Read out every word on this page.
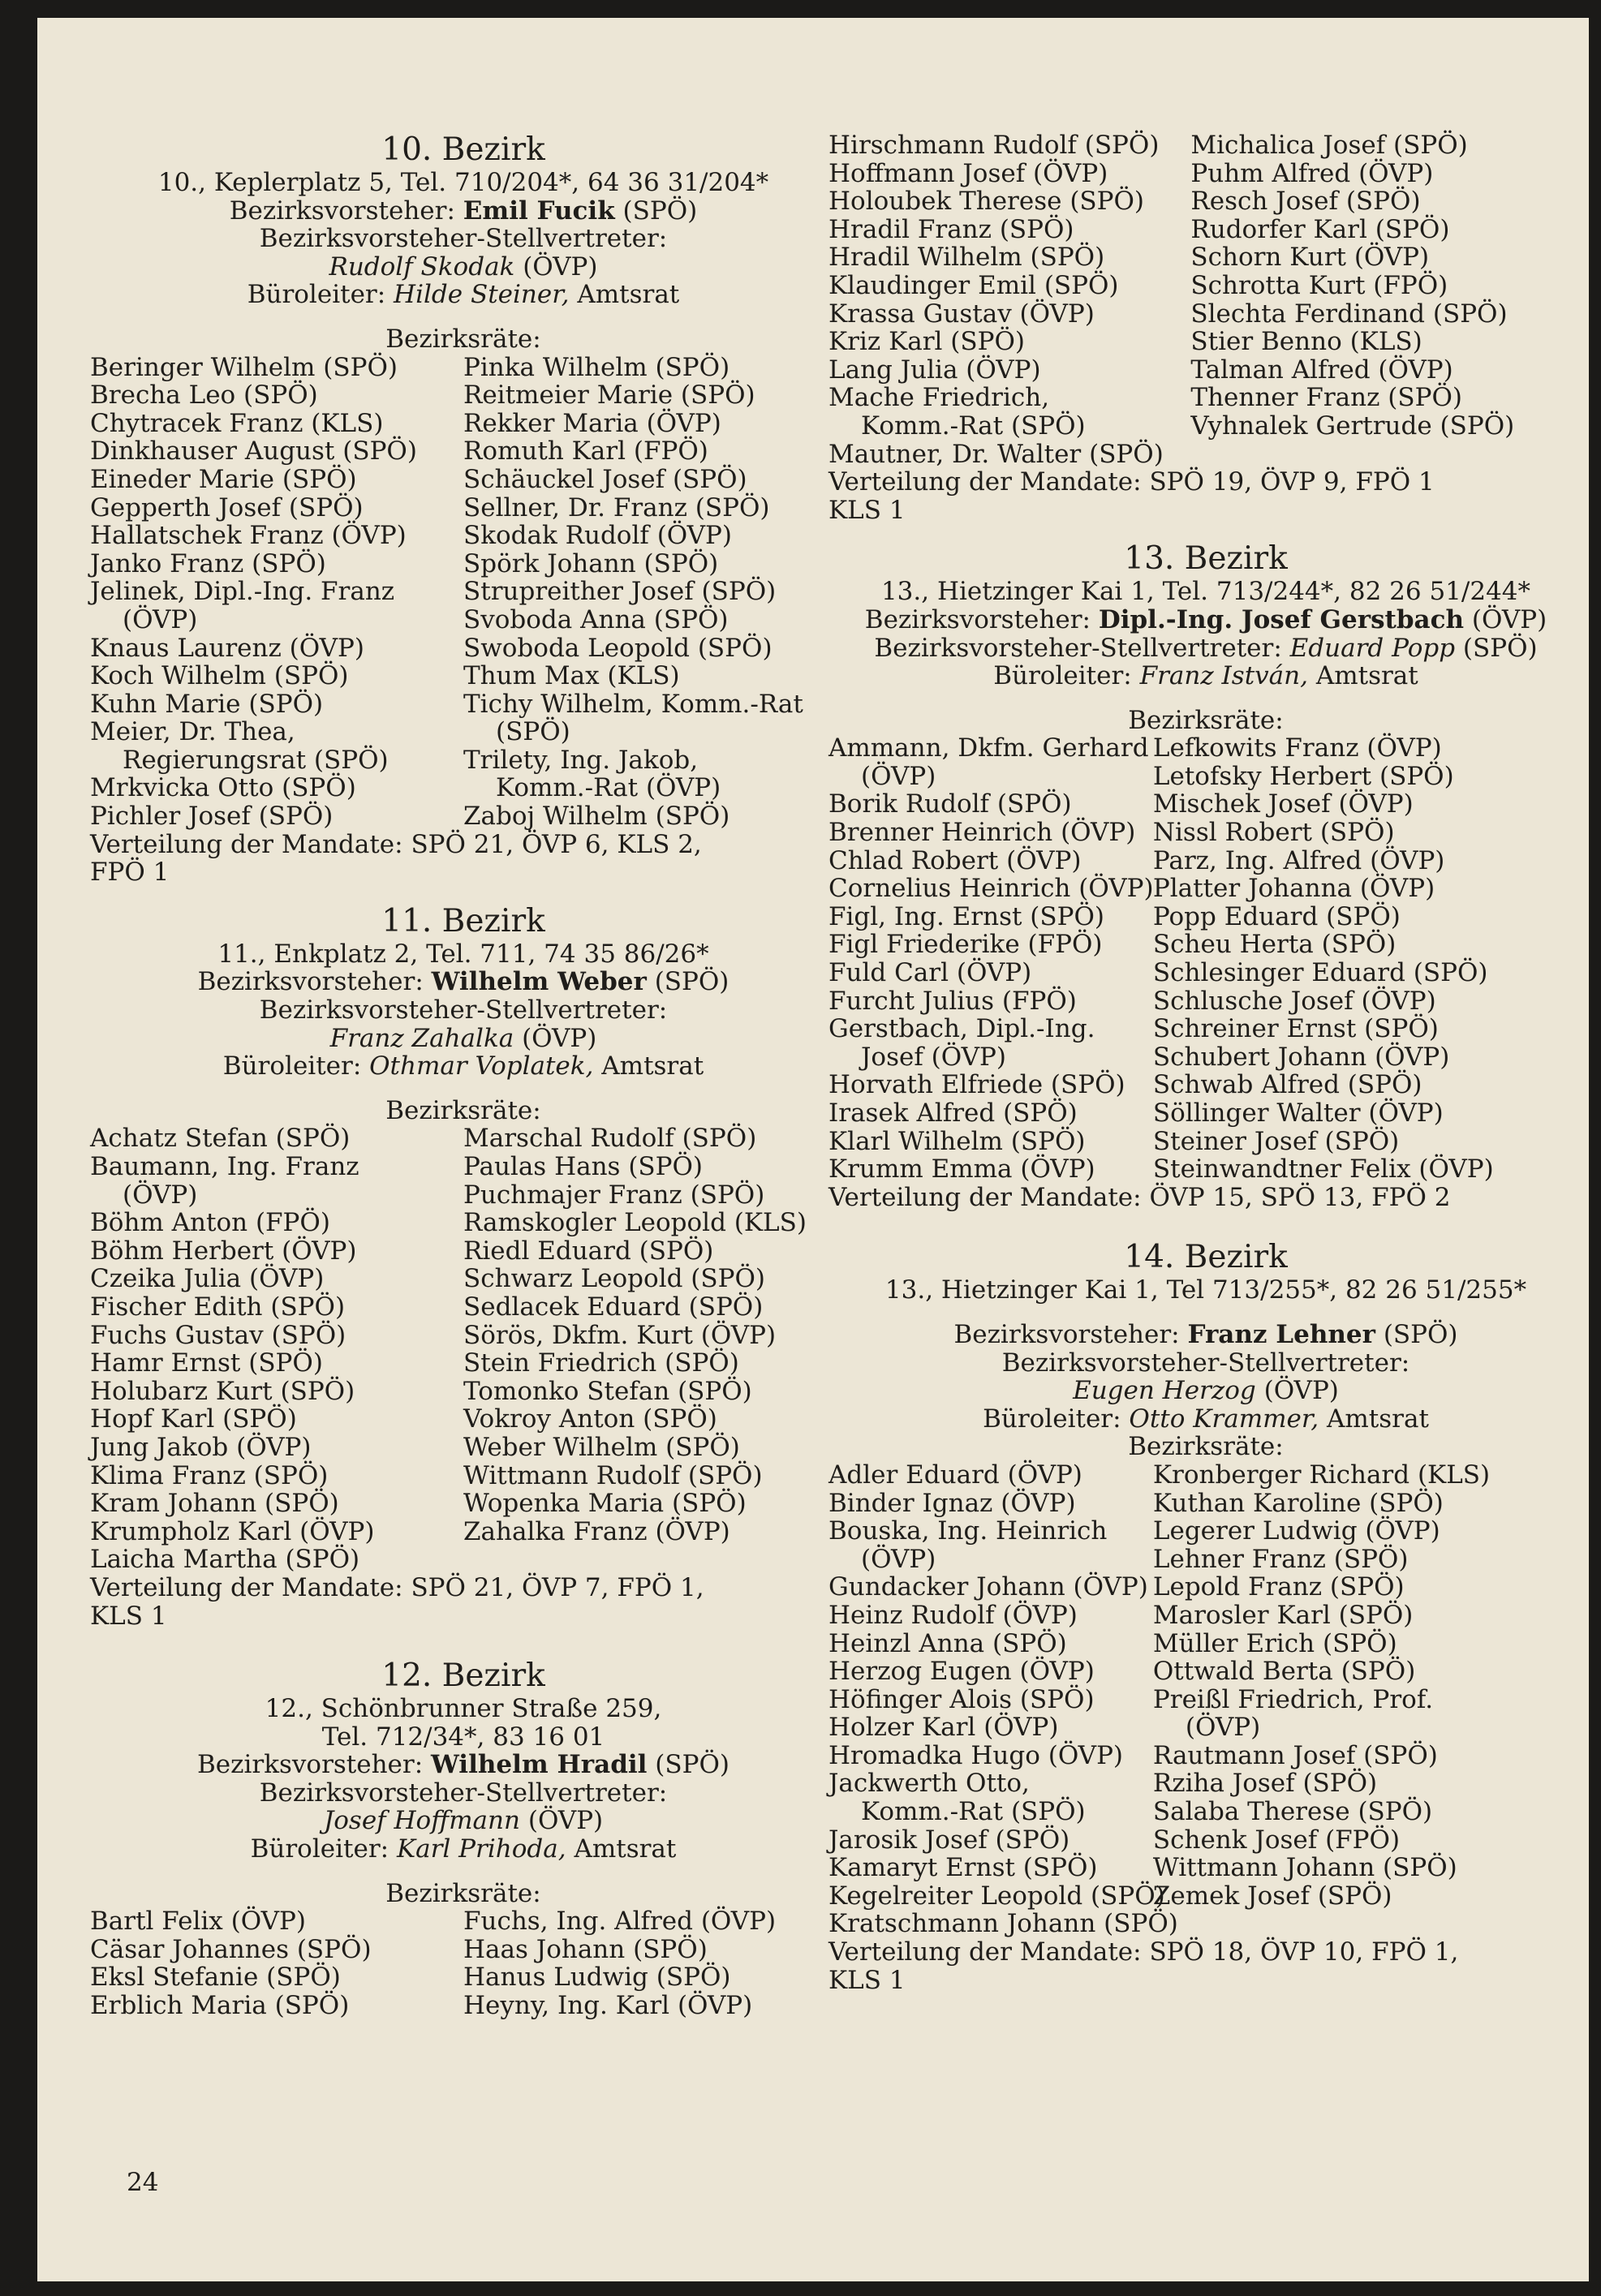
10. Bezirk
10., Keplerplatz 5, Tel. 710/204*, 64 36 31/204*
Bezirksvorsteher: Emil Fucik (SPÖ)
Bezirksvorsteher-Stellvertreter:
Rudolf Skodak (ÖVP)
Büroleiter: Hilde Steiner, Amtsrat
Bezirksräte:
Beringer Wilhelm (SPÖ)
Brecha Leo (SPÖ)
Chytracek Franz (KLS)
Dinkhauser August (SPÖ)
Eineder Marie (SPÖ)
Gepperth Josef (SPÖ)
Hallatschek Franz (ÖVP)
Janko Franz (SPÖ)
Jelinek, Dipl.-Ing. Franz
(ÖVP)
Knaus Laurenz (ÖVP)
Koch Wilhelm (SPÖ)
Kuhn Marie (SPÖ)
Meier, Dr. Thea,
Regierungsrat (SPÖ)
Mrkvicka Otto (SPÖ)
Pichler Josef (SPÖ)
Pinka Wilhelm (SPÖ)
Reitmeier Marie (SPÖ)
Rekker Maria (ÖVP)
Romuth Karl (FPÖ)
Schäuckel Josef (SPÖ)
Sellner, Dr. Franz (SPÖ)
Skodak Rudolf (ÖVP)
Spörk Johann (SPÖ)
Strupreither Josef (SPÖ)
Svoboda Anna (SPÖ)
Swoboda Leopold (SPÖ)
Thum Max (KLS)
Tichy Wilhelm, Komm.-Rat
(SPÖ)
Trilety, Ing. Jakob,
Komm.-Rat (ÖVP)
Zaboj Wilhelm (SPÖ)
Verteilung der Mandate: SPÖ 21, ÖVP 6, KLS 2,
FPÖ 1
11. Bezirk
11., Enkplatz 2, Tel. 711, 74 35 86/26*
Bezirksvorsteher: Wilhelm Weber (SPÖ)
Bezirksvorsteher-Stellvertreter:
Franz Zahalka (ÖVP)
Büroleiter: Othmar Voplatek, Amtsrat
Bezirksräte:
Achatz Stefan (SPÖ)
Baumann, Ing. Franz
(ÖVP)
Böhm Anton (FPÖ)
Böhm Herbert (ÖVP)
Czeika Julia (ÖVP)
Fischer Edith (SPÖ)
Fuchs Gustav (SPÖ)
Hamr Ernst (SPÖ)
Holubarz Kurt (SPÖ)
Hopf Karl (SPÖ)
Jung Jakob (ÖVP)
Klima Franz (SPÖ)
Kram Johann (SPÖ)
Krumpholz Karl (ÖVP)
Laicha Martha (SPÖ)
Marschal Rudolf (SPÖ)
Paulas Hans (SPÖ)
Puchmajer Franz (SPÖ)
Ramskogler Leopold (KLS)
Riedl Eduard (SPÖ)
Schwarz Leopold (SPÖ)
Sedlacek Eduard (SPÖ)
Sörös, Dkfm. Kurt (ÖVP)
Stein Friedrich (SPÖ)
Tomonko Stefan (SPÖ)
Vokroy Anton (SPÖ)
Weber Wilhelm (SPÖ)
Wittmann Rudolf (SPÖ)
Wopenka Maria (SPÖ)
Zahalka Franz (ÖVP)
Verteilung der Mandate: SPÖ 21, ÖVP 7, FPÖ 1,
KLS 1
12. Bezirk
12., Schönbrunner Straße 259,
Tel. 712/34*, 83 16 01
Bezirksvorsteher: Wilhelm Hradil (SPÖ)
Bezirksvorsteher-Stellvertreter:
Josef Hoffmann (ÖVP)
Büroleiter: Karl Prihoda, Amtsrat
Bezirksräte:
Bartl Felix (ÖVP)
Cäsar Johannes (SPÖ)
Eksl Stefanie (SPÖ)
Erblich Maria (SPÖ)
Fuchs, Ing. Alfred (ÖVP)
Haas Johann (SPÖ)
Hanus Ludwig (SPÖ)
Heyny, Ing. Karl (ÖVP)
Hirschmann Rudolf (SPÖ)
Hoffmann Josef (ÖVP)
Holoubek Therese (SPÖ)
Hradil Franz (SPÖ)
Hradil Wilhelm (SPÖ)
Klaudinger Emil (SPÖ)
Krassa Gustav (ÖVP)
Kriz Karl (SPÖ)
Lang Julia (ÖVP)
Mache Friedrich,
Komm.-Rat (SPÖ)
Mautner, Dr. Walter (SPÖ)
Michalica Josef (SPÖ)
Puhm Alfred (ÖVP)
Resch Josef (SPÖ)
Rudorfer Karl (SPÖ)
Schorn Kurt (ÖVP)
Schrotta Kurt (FPÖ)
Slechta Ferdinand (SPÖ)
Stier Benno (KLS)
Talman Alfred (ÖVP)
Thenner Franz (SPÖ)
Vyhnalek Gertrude (SPÖ)
Verteilung der Mandate: SPÖ 19, ÖVP 9, FPÖ 1
KLS 1
13. Bezirk
13., Hietzinger Kai 1, Tel. 713/244*, 82 26 51/244*
Bezirksvorsteher: Dipl.-Ing. Josef Gerstbach (ÖVP)
Bezirksvorsteher-Stellvertreter: Eduard Popp (SPÖ)
Büroleiter: Franz István, Amtsrat
Bezirksräte:
Ammann, Dkfm. Gerhard
(ÖVP)
Borik Rudolf (SPÖ)
Brenner Heinrich (ÖVP)
Chlad Robert (ÖVP)
Cornelius Heinrich (ÖVP)
Figl, Ing. Ernst (SPÖ)
Figl Friederike (FPÖ)
Fuld Carl (ÖVP)
Furcht Julius (FPÖ)
Gerstbach, Dipl.-Ing.
Josef (ÖVP)
Horvath Elfriede (SPÖ)
Irasek Alfred (SPÖ)
Klarl Wilhelm (SPÖ)
Krumm Emma (ÖVP)
Lefkowits Franz (ÖVP)
Letofsky Herbert (SPÖ)
Mischek Josef (ÖVP)
Nissl Robert (SPÖ)
Parz, Ing. Alfred (ÖVP)
Platter Johanna (ÖVP)
Popp Eduard (SPÖ)
Scheu Herta (SPÖ)
Schlesinger Eduard (SPÖ)
Schlusche Josef (ÖVP)
Schreiner Ernst (SPÖ)
Schubert Johann (ÖVP)
Schwab Alfred (SPÖ)
Söllinger Walter (ÖVP)
Steiner Josef (SPÖ)
Steinwandtner Felix (ÖVP)
Verteilung der Mandate: ÖVP 15, SPÖ 13, FPÖ 2
14. Bezirk
13., Hietzinger Kai 1, Tel 713/255*, 82 26 51/255*
Bezirksvorsteher: Franz Lehner (SPÖ)
Bezirksvorsteher-Stellvertreter:
Eugen Herzog (ÖVP)
Büroleiter: Otto Krammer, Amtsrat
Bezirksräte:
Adler Eduard (ÖVP)
Binder Ignaz (ÖVP)
Bouska, Ing. Heinrich
(ÖVP)
Gundacker Johann (ÖVP)
Heinz Rudolf (ÖVP)
Heinzl Anna (SPÖ)
Herzog Eugen (ÖVP)
Höfinger Alois (SPÖ)
Holzer Karl (ÖVP)
Hromadka Hugo (ÖVP)
Jackwerth Otto,
Komm.-Rat (SPÖ)
Jarosik Josef (SPÖ)
Kamaryt Ernst (SPÖ)
Kegelreiter Leopold (SPÖ)
Kratschmann Johann (SPÖ)
Kronberger Richard (KLS)
Kuthan Karoline (SPÖ)
Legerer Ludwig (ÖVP)
Lehner Franz (SPÖ)
Lepold Franz (SPÖ)
Marosler Karl (SPÖ)
Müller Erich (SPÖ)
Ottwald Berta (SPÖ)
Preißl Friedrich, Prof.
(ÖVP)
Rautmann Josef (SPÖ)
Rziha Josef (SPÖ)
Salaba Therese (SPÖ)
Schenk Josef (FPÖ)
Wittmann Johann (SPÖ)
Zemek Josef (SPÖ)
Verteilung der Mandate: SPÖ 18, ÖVP 10, FPÖ 1,
KLS 1
24
